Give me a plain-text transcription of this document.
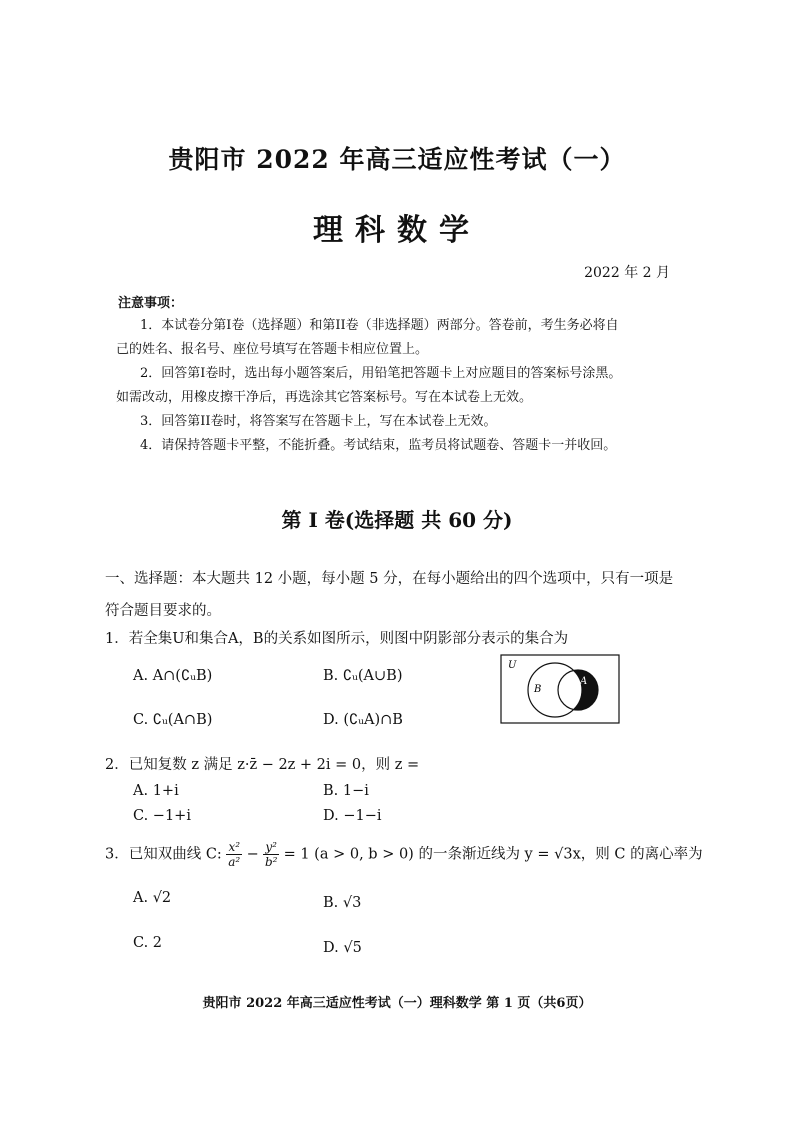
贵阳市 2022 年高三适应性考试（一）
理科数学
2022 年 2 月
注意事项：
1．本试卷分第I卷（选择题）和第II卷（非选择题）两部分。答卷前，考生务必将自
己的姓名、报名号、座位号填写在答题卡相应位置上。
2．回答第I卷时，选出每小题答案后，用铅笔把答题卡上对应题目的答案标号涂黑。
如需改动，用橡皮擦干净后，再选涂其它答案标号。写在本试卷上无效。
3．回答第II卷时，将答案写在答题卡上，写在本试卷上无效。
4．请保持答题卡平整，不能折叠。考试结束，监考员将试题卷、答题卡一并收回。
第 I 卷(选择题 共 60 分)
一、选择题：本大题共 12 小题，每小题 5 分，在每小题给出的四个选项中，只有一项是
符合题目要求的。
1．若全集U和集合A，B的关系如图所示，则图中阴影部分表示的集合为
A. A∩(∁ᵤB)	B. ∁ᵤ(A∪B)
C. ∁ᵤ(A∩B)	D. (∁ᵤA)∩B
U
B
A
2．已知复数 z 满足 z·z̄ − 2z + 2i = 0，则 z =
A. 1+i	B. 1−i
C. −1+i	D. −1−i
3．已知双曲线 C: $\frac{\text{x²}}{\text{a²}} - \frac{\text{y²}}{\text{b²}} = 1$ (a > 0, b > 0) 的一条渐近线为 y = √3x，则 C 的离心率为
A. √2	B. √3
C. 2	D. √5
贵阳市 2022 年高三适应性考试（一）理科数学 第 1 页（共6页）
